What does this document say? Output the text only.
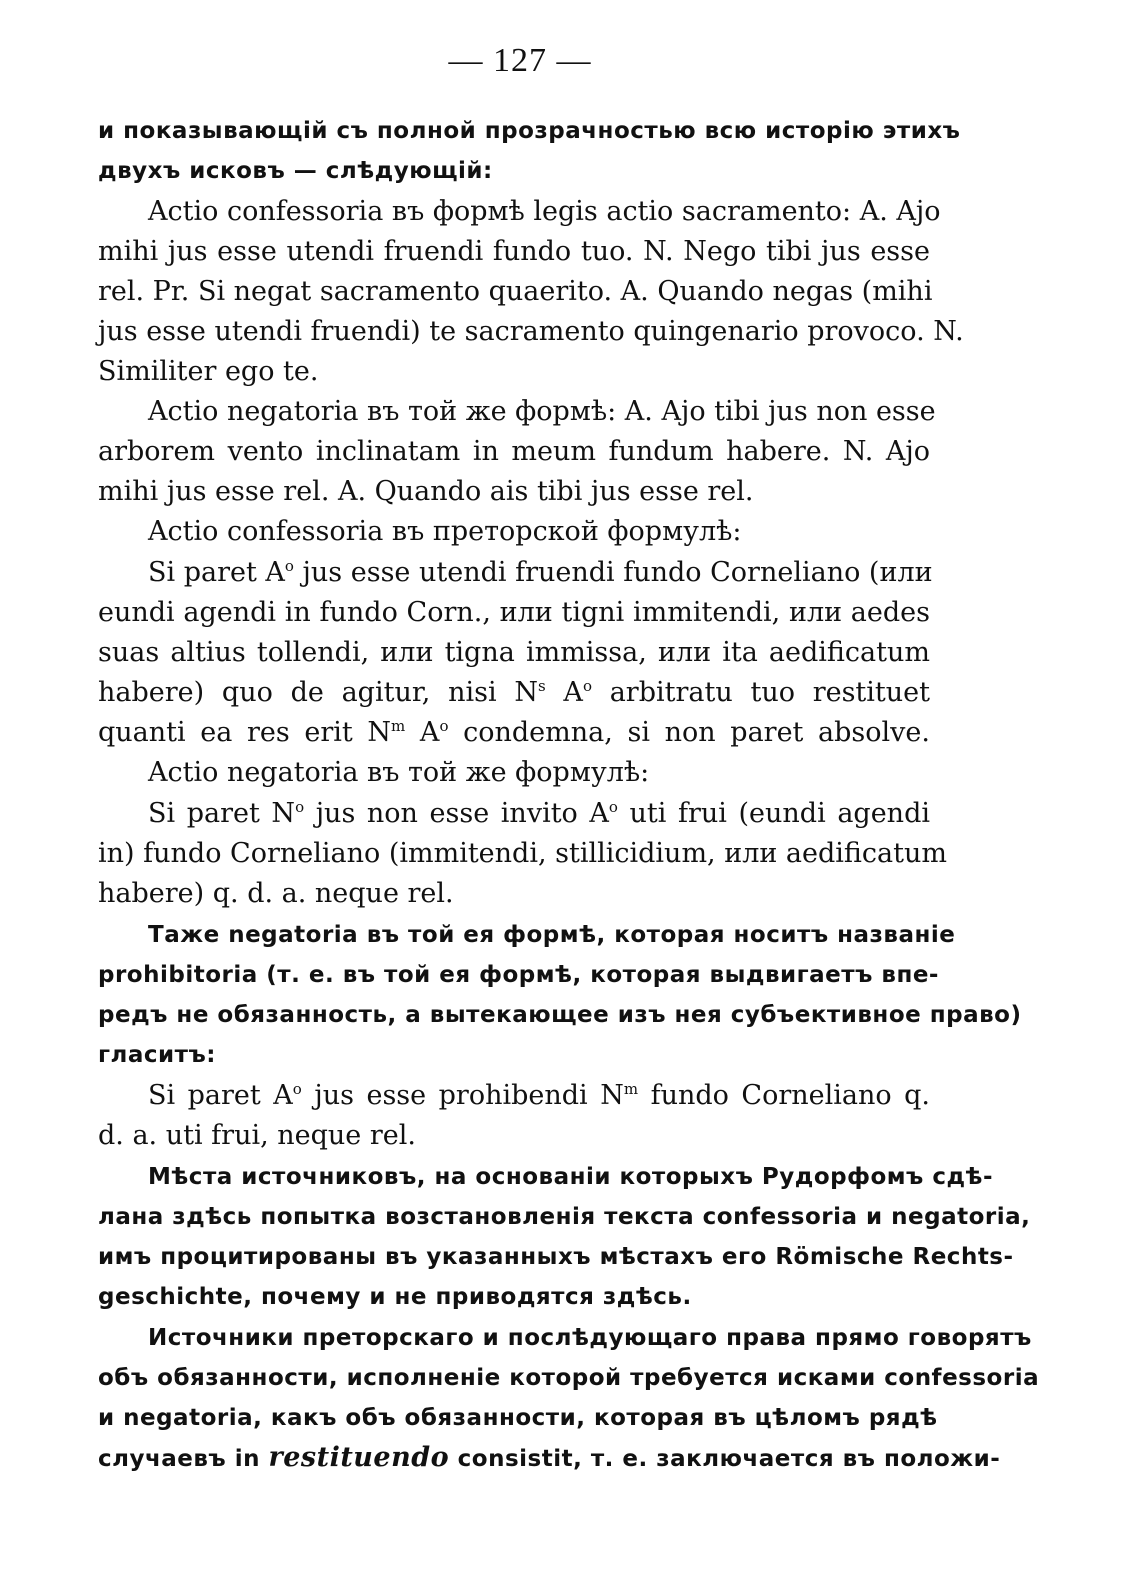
— 127 —
и показывающій съ полной прозрачностью всю исторію этихъ
двухъ исковъ — слѣдующій:
Actio confessoria въ формѣ legis actio sacramento: A. Ajo
mihi jus esse utendi fruendi fundo tuo. N. Nego tibi jus esse
rel. Pr. Si negat sacramento quaerito. A. Quando negas (mihi
jus esse utendi fruendi) te sacramento quingenario provoco. N.
Similiter ego te.
Actio negatoria въ той же формѣ: A. Ajo tibi jus non esse
arborem vento inclinatam in meum fundum habere. N. Ajo
mihi jus esse rel. A. Quando ais tibi jus esse rel.
Actio confessoria въ преторской формулѣ:
Si paret $A^o$ jus esse utendi fruendi fundo Corneliano (или
eundi agendi in fundo Corn., или tigni immitendi, или aedes
suas altius tollendi, или tigna immissa, или ita aedificatum
habere) quo de agitur, nisi $N^s$ $A^o$ arbitratu tuo restituet
quanti ea res erit $N^m$ $A^o$ condemna, si non paret absolve.
Actio negatoria въ той же формулѣ:
Si paret $N^o$ jus non esse invito $A^o$ uti frui (eundi agendi
in) fundo Corneliano (immitendi, stillicidium, или aedificatum
habere) q. d. a. neque rel.
Таже negatoria въ той ея формѣ, которая носитъ названіе
prohibitoria (т. е. въ той ея формѣ, которая выдвигаетъ впе-
редъ не обязанность, а вытекающее изъ нея субъективное право)
гласитъ:
Si paret $A^o$ jus esse prohibendi $N^m$ fundo Corneliano q.
d. a. uti frui, neque rel.
Мѣста источниковъ, на основаніи которыхъ Рудорфомъ сдѣ-
лана здѣсь попытка возстановленія текста confessoria и negatoria,
имъ процитированы въ указанныхъ мѣстахъ его Römische Rechts-
geschichte, почему и не приводятся здѣсь.
Источники преторскаго и послѣдующаго права прямо говорятъ
объ обязанности, исполненіе которой требуется исками confessoria
и negatoria, какъ объ обязанности, которая въ цѣломъ рядѣ
случаевъ in restituendo consistit, т. е. заключается въ положи-
